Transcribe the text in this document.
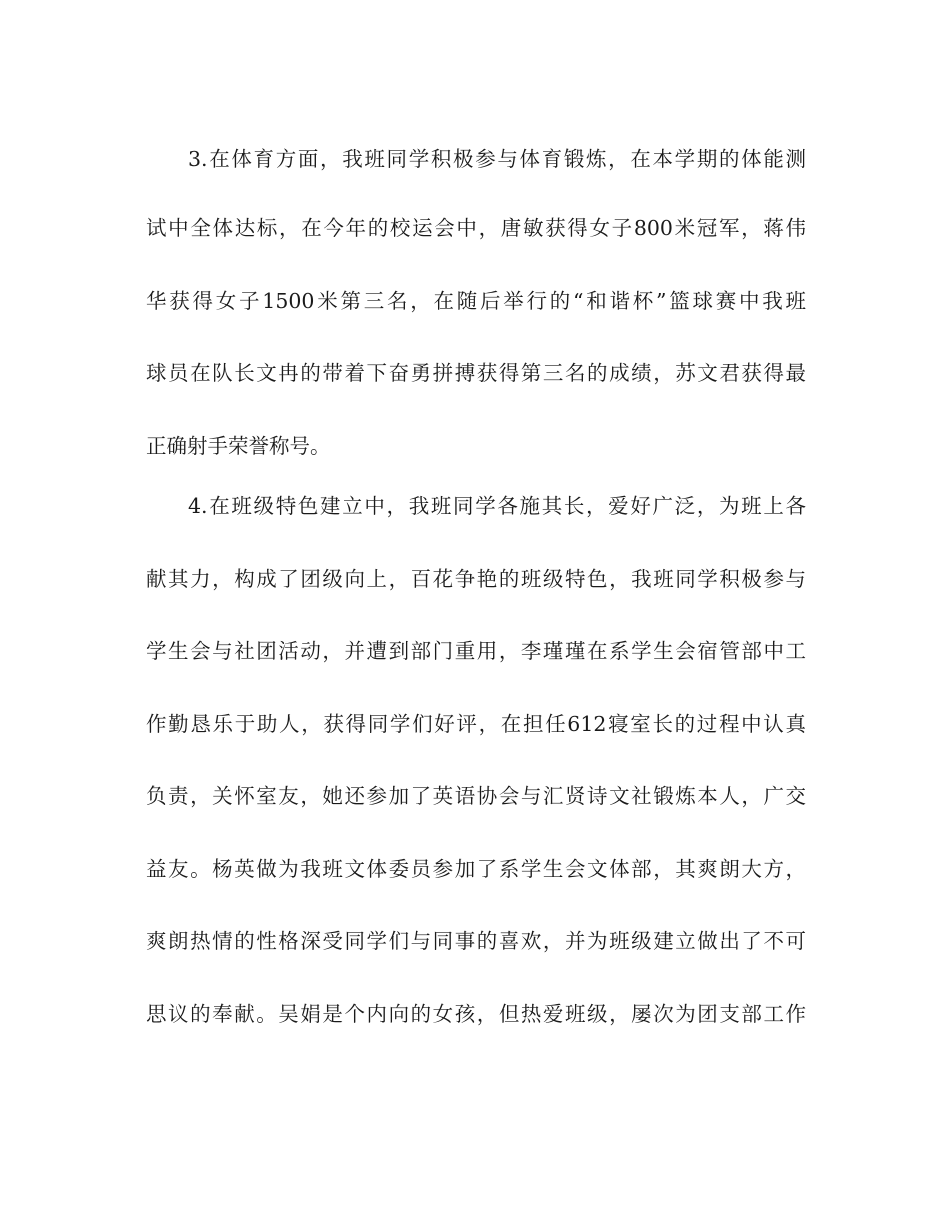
3.在体育方面，我班同学积极参与体育锻炼，在本学期的体能测

试中全体达标，在今年的校运会中，唐敏获得女子800米冠军，蒋伟

华获得女子1500米第三名，在随后举行的“和谐杯”篮球赛中我班

球员在队长文冉的带着下奋勇拼搏获得第三名的成绩，苏文君获得最

正确射手荣誉称号。

4.在班级特色建立中，我班同学各施其长，爱好广泛，为班上各

献其力，构成了团级向上，百花争艳的班级特色，我班同学积极参与

学生会与社团活动，并遭到部门重用，李瑾瑾在系学生会宿管部中工

作勤恳乐于助人，获得同学们好评，在担任612寝室长的过程中认真

负责，关怀室友，她还参加了英语协会与汇贤诗文社锻炼本人，广交

益友。杨英做为我班文体委员参加了系学生会文体部，其爽朗大方，

爽朗热情的性格深受同学们与同事的喜欢，并为班级建立做出了不可

思议的奉献。吴娟是个内向的女孩，但热爱班级，屡次为团支部工作
